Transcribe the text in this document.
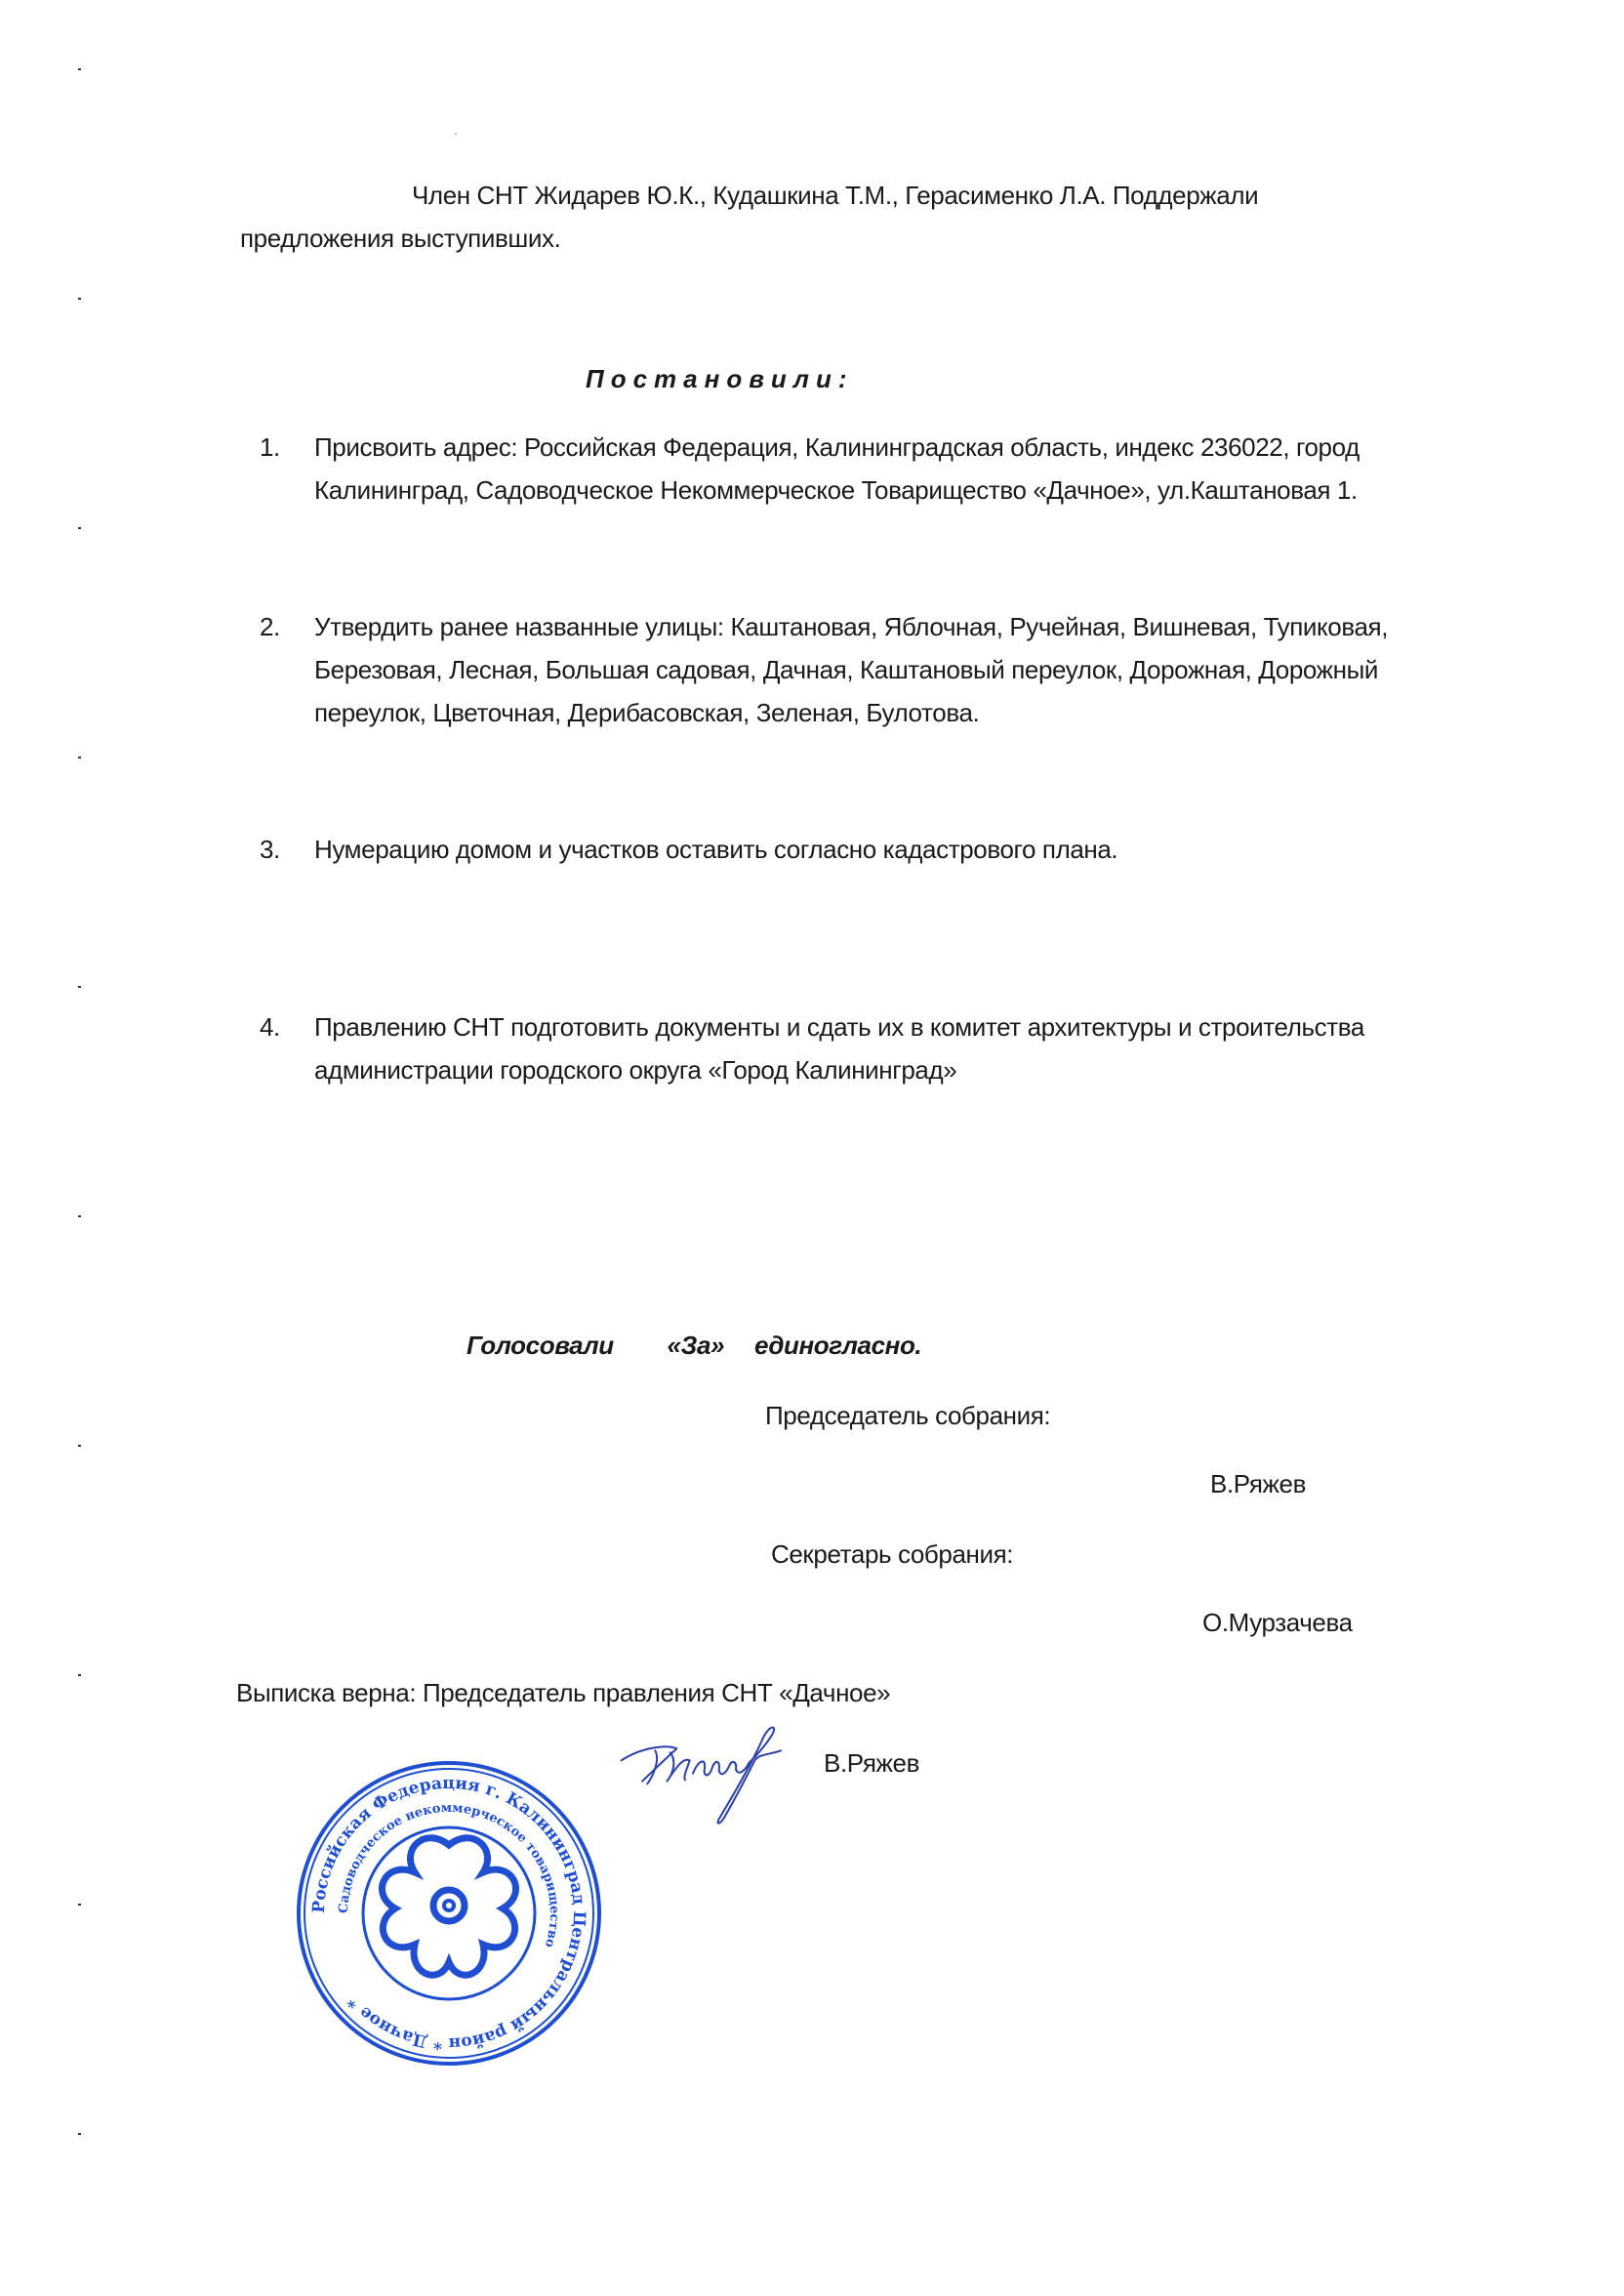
Член СНТ Жидарев Ю.К., Кудашкина Т.М., Герасименко Л.А. Поддержали
предложения выступивших.
Постановили:
1. Присвоить адрес: Российская Федерация, Калининградская область, индекс 236022, город
Калининград, Садоводческое Некоммерческое Товарищество «Дачное», ул.Каштановая 1.
2. Утвердить ранее названные улицы: Каштановая, Яблочная, Ручейная, Вишневая, Тупиковая,
Березовая, Лесная, Большая садовая, Дачная, Каштановый переулок, Дорожная, Дорожный
переулок, Цветочная, Дерибасовская, Зеленая, Булотова.
3. Нумерацию домом и участков оставить согласно кадастрового плана.
4. Правлению СНТ подготовить документы и сдать их в комитет архитектуры и строительства
администрации городского округа «Город Калининград»
Голосовали «За» единогласно.
Председатель собрания:
В.Ряжев
Секретарь собрания:
О.Мурзачева
Выписка верна: Председатель правления СНТ «Дачное»
В.Ряжев
Российская Федерация г. Калининград Центральный район * Дачное *
Садоводческое некоммерческое товарищество
